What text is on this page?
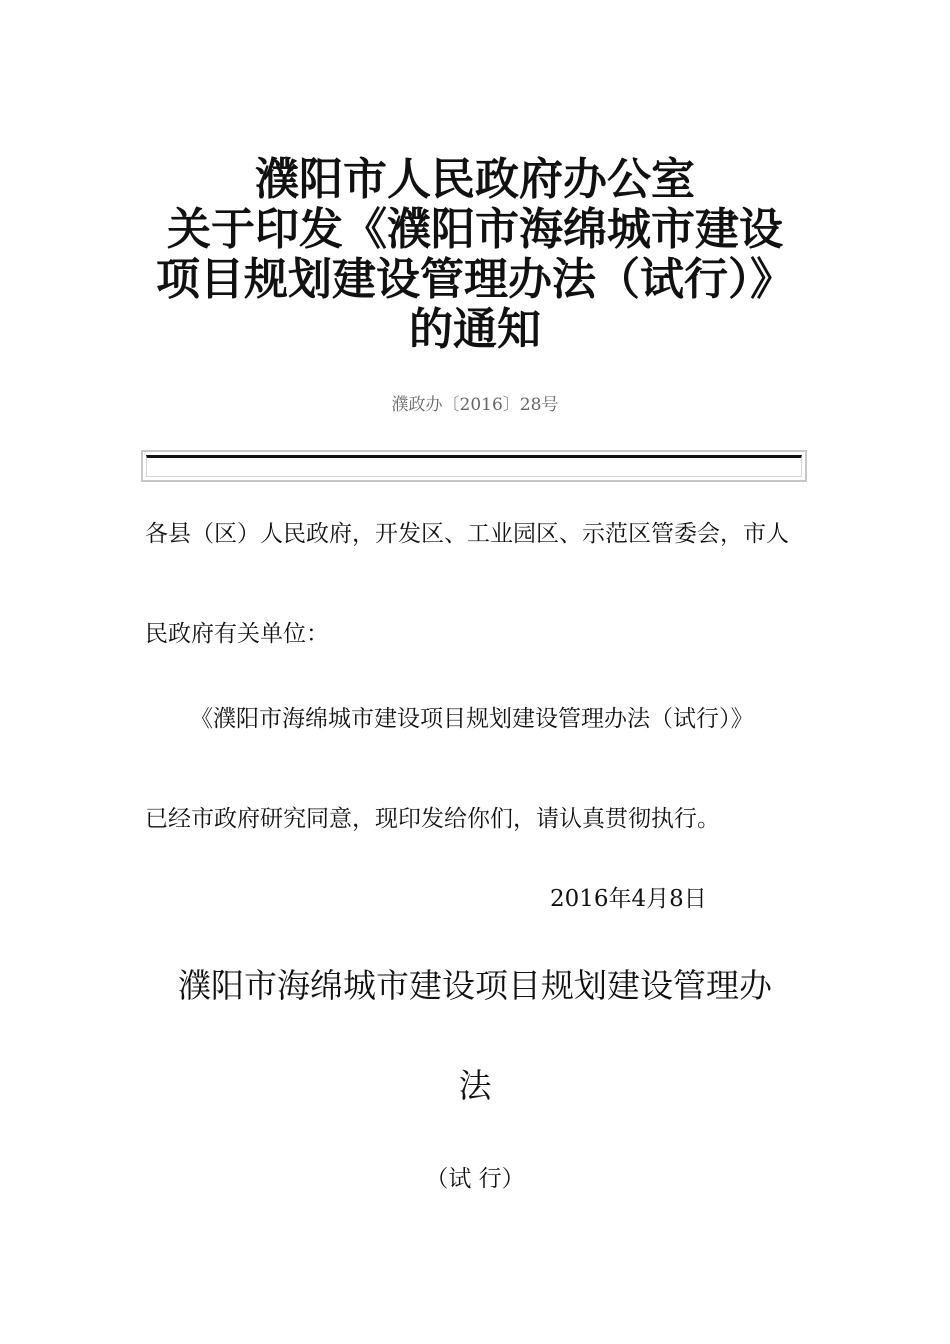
濮阳市人民政府办公室
关于印发《濮阳市海绵城市建设
项目规划建设管理办法（试行）》
的通知
濮政办〔2016〕28号
各县（区）人民政府，开发区、工业园区、示范区管委会，市人
民政府有关单位：
《濮阳市海绵城市建设项目规划建设管理办法（试行）》
已经市政府研究同意，现印发给你们，请认真贯彻执行。
2016年4月8日
濮阳市海绵城市建设项目规划建设管理办
法
（试 行）
